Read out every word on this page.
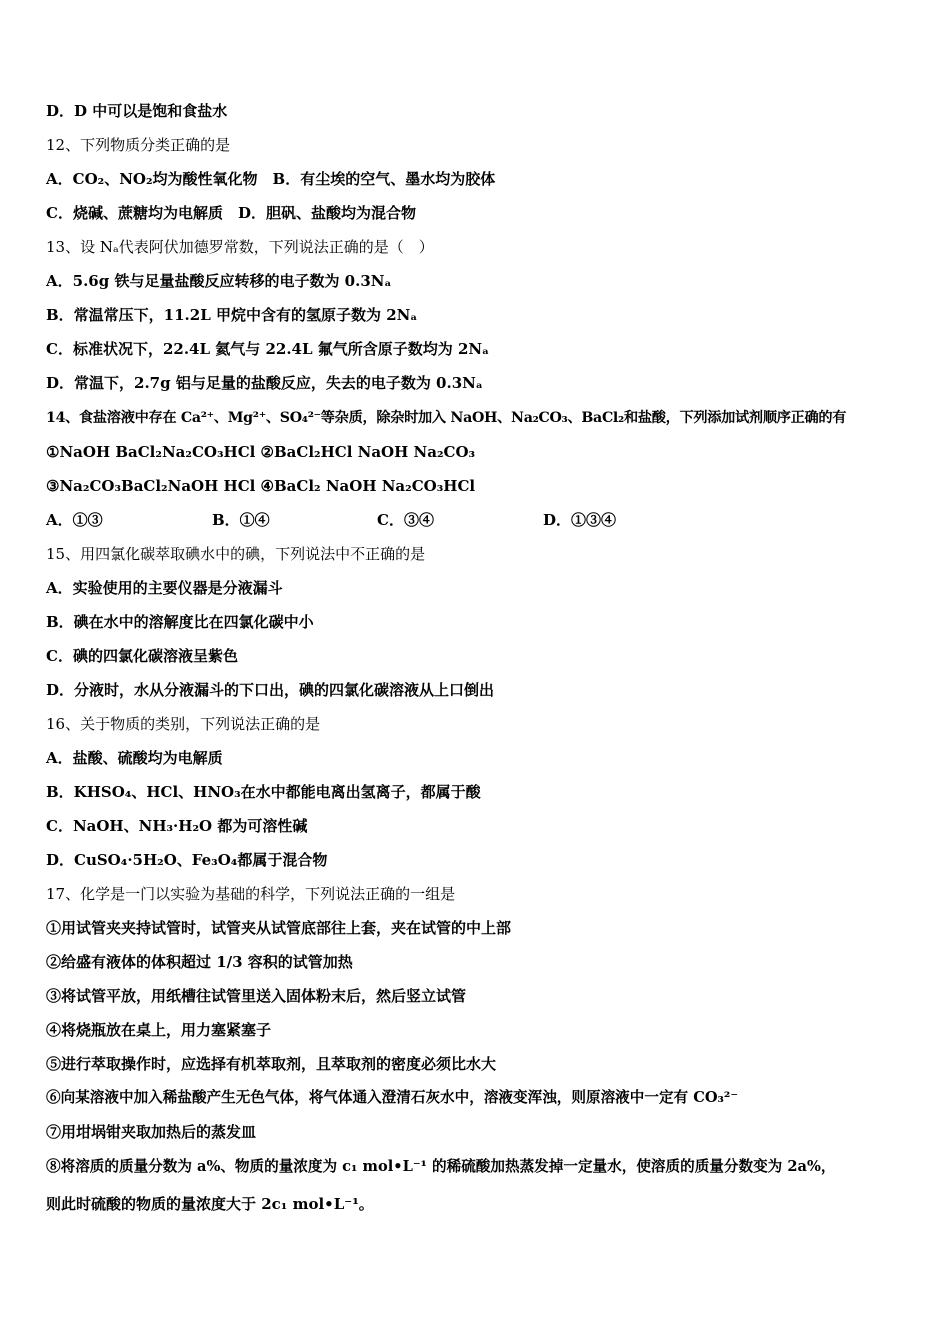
D．D 中可以是饱和食盐水
12、下列物质分类正确的是
A．CO₂、NO₂均为酸性氧化物　B．有尘埃的空气、墨水均为胶体
C．烧碱、蔗糖均为电解质　D．胆矾、盐酸均为混合物
13、设 Nₐ代表阿伏加德罗常数，下列说法正确的是（　）
A．5.6g 铁与足量盐酸反应转移的电子数为 0.3Nₐ
B．常温常压下，11.2L 甲烷中含有的氢原子数为 2Nₐ
C．标准状况下，22.4L 氦气与 22.4L 氟气所含原子数均为 2Nₐ
D．常温下，2.7g 铝与足量的盐酸反应，失去的电子数为 0.3Nₐ
14、食盐溶液中存在 Ca²⁺、Mg²⁺、SO₄²⁻等杂质，除杂时加入 NaOH、Na₂CO₃、BaCl₂和盐酸，下列添加试剂顺序正确的有
①NaOH BaCl₂Na₂CO₃HCl ②BaCl₂HCl NaOH Na₂CO₃
③Na₂CO₃BaCl₂NaOH HCl ④BaCl₂ NaOH Na₂CO₃HCl
A．①③	B．①④	C．③④	D．①③④
15、用四氯化碳萃取碘水中的碘，下列说法中不正确的是
A．实验使用的主要仪器是分液漏斗
B．碘在水中的溶解度比在四氯化碳中小
C．碘的四氯化碳溶液呈紫色
D．分液时，水从分液漏斗的下口出，碘的四氯化碳溶液从上口倒出
16、关于物质的类别，下列说法正确的是
A．盐酸、硫酸均为电解质
B．KHSO₄、HCl、HNO₃在水中都能电离出氢离子，都属于酸
C．NaOH、NH₃·H₂O 都为可溶性碱
D．CuSO₄·5H₂O、Fe₃O₄都属于混合物
17、化学是一门以实验为基础的科学，下列说法正确的一组是
①用试管夹夹持试管时，试管夹从试管底部往上套，夹在试管的中上部
②给盛有液体的体积超过 1/3 容积的试管加热
③将试管平放，用纸槽往试管里送入固体粉末后，然后竖立试管
④将烧瓶放在桌上，用力塞紧塞子
⑤进行萃取操作时，应选择有机萃取剂，且萃取剂的密度必须比水大
⑥向某溶液中加入稀盐酸产生无色气体，将气体通入澄清石灰水中，溶液变浑浊，则原溶液中一定有 CO₃²⁻
⑦用坩埚钳夹取加热后的蒸发皿
⑧将溶质的质量分数为 a%、物质的量浓度为 c₁ mol•L⁻¹ 的稀硫酸加热蒸发掉一定量水，使溶质的质量分数变为 2a%，
则此时硫酸的物质的量浓度大于 2c₁ mol•L⁻¹。
